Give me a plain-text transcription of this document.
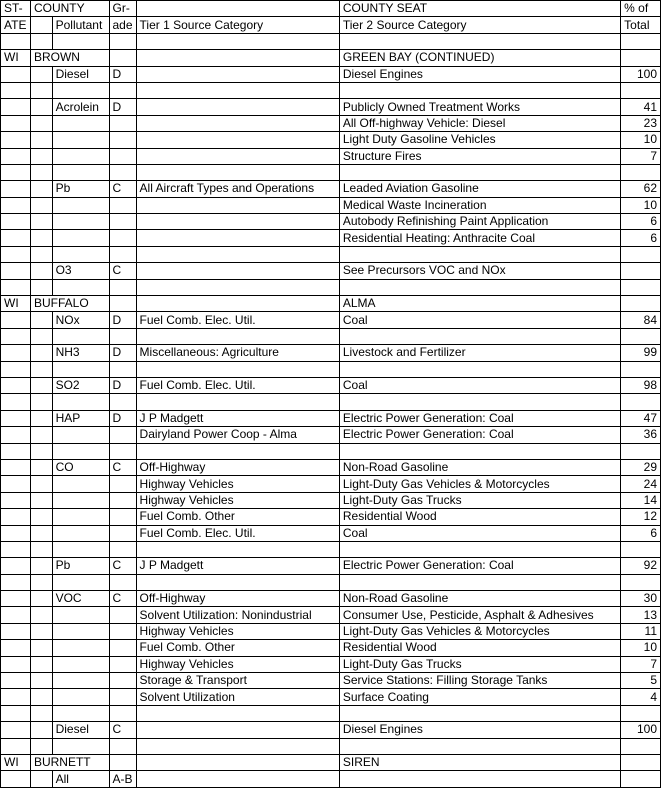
ST-	COUNTY		Gr-		COUNTY SEAT	% of
ATE		Pollutant	ade	Tier 1 Source Category	Tier 2 Source Category	Total

WI	BROWN				GREEN BAY (CONTINUED)	
		Diesel	D		Diesel Engines	100

		Acrolein	D		Publicly Owned Treatment Works	41
					All Off-highway Vehicle: Diesel	23
					Light Duty Gasoline Vehicles	10
					Structure Fires	7

		Pb	C	All Aircraft Types and Operations	Leaded Aviation Gasoline	62
					Medical Waste Incineration	10
					Autobody Refinishing Paint Application	6
					Residential Heating: Anthracite Coal	6

		O3	C		See Precursors VOC and NOx	

WI	BUFFALO				ALMA	
		NOx	D	Fuel Comb. Elec. Util.	Coal	84

		NH3	D	Miscellaneous: Agriculture	Livestock and Fertilizer	99

		SO2	D	Fuel Comb. Elec. Util.	Coal	98

		HAP	D	J P Madgett	Electric Power Generation: Coal	47
				Dairyland Power Coop - Alma	Electric Power Generation: Coal	36

		CO	C	Off-Highway	Non-Road Gasoline	29
				Highway Vehicles	Light-Duty Gas Vehicles & Motorcycles	24
				Highway Vehicles	Light-Duty Gas Trucks	14
				Fuel Comb. Other	Residential Wood	12
				Fuel Comb. Elec. Util.	Coal	6

		Pb	C	J P Madgett	Electric Power Generation: Coal	92

		VOC	C	Off-Highway	Non-Road Gasoline	30
				Solvent Utilization: Nonindustrial	Consumer Use, Pesticide, Asphalt & Adhesives	13
				Highway Vehicles	Light-Duty Gas Vehicles & Motorcycles	11
				Fuel Comb. Other	Residential Wood	10
				Highway Vehicles	Light-Duty Gas Trucks	7
				Storage & Transport	Service Stations: Filling Storage Tanks	5
				Solvent Utilization	Surface Coating	4

		Diesel	C		Diesel Engines	100

WI	BURNETT				SIREN	
		All	A-B			
